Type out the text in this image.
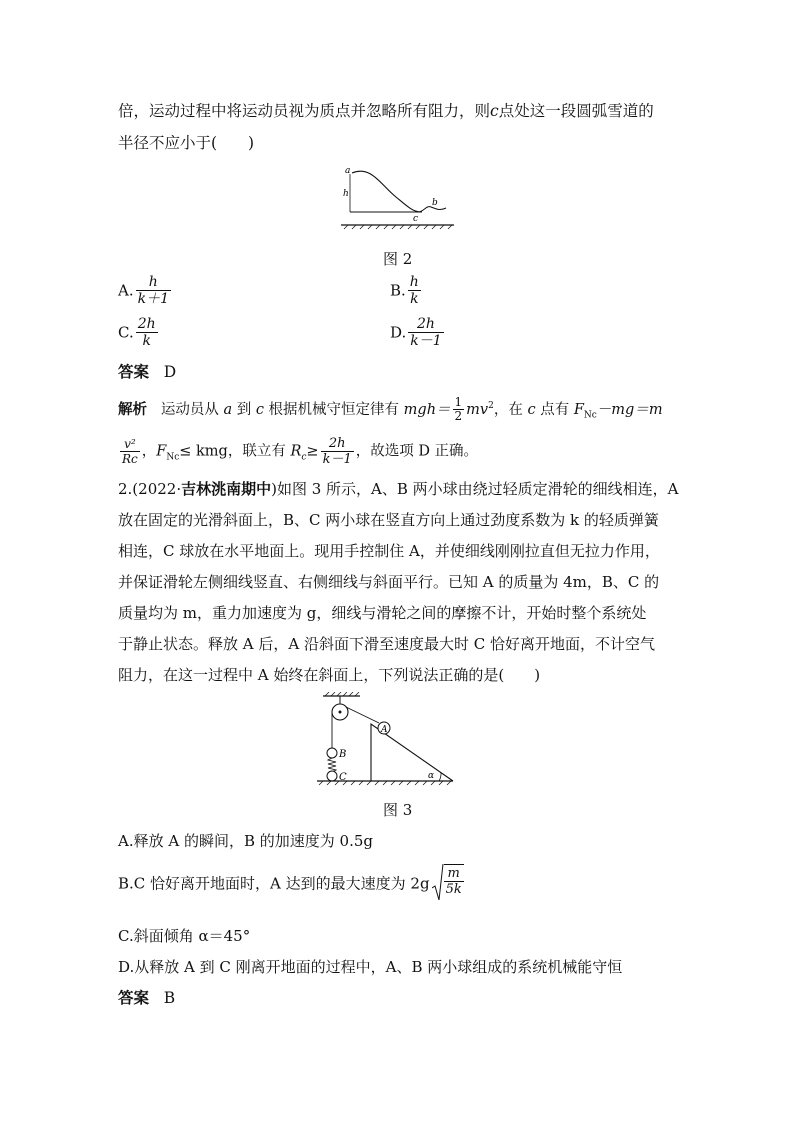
倍，运动过程中将运动员视为质点并忽略所有阻力，则c点处这一段圆弧雪道的
半径不应小于(　　)
a
h
c
b
图 2
A. $\frac{h}{k+1}$	B. $\frac{h}{k}$
C. $\frac{2h}{k}$	D. $\frac{2h}{k-1}$
答案 D
解析 运动员从 a 到 c 根据机械守恒定律有 $mgh= \frac{1}{2} mv^2$，在 c 点有 $F_{Nc}-mg=m$
$\frac{\text{v²}}{Rc}$ ，$F_{Nc}\le$ kmg，联立有 $R_c\ge \frac{2h}{k-1}$ ，故选项 D 正确。
2.(2022·吉林洮南期中)如图 3 所示，A、B 两小球由绕过轻质定滑轮的细线相连，A
放在固定的光滑斜面上，B、C 两小球在竖直方向上通过劲度系数为 k 的轻质弹簧
相连，C 球放在水平地面上。现用手控制住 A，并使细线刚刚拉直但无拉力作用，
并保证滑轮左侧细线竖直、右侧细线与斜面平行。已知 A 的质量为 4m，B、C 的
质量均为 m，重力加速度为 g，细线与滑轮之间的摩擦不计，开始时整个系统处
于静止状态。释放 A 后，A 沿斜面下滑至速度最大时 C 恰好离开地面，不计空气
阻力，在这一过程中 A 始终在斜面上，下列说法正确的是(　　)
A
B
C	α
图 3
A.释放 A 的瞬间，B 的加速度为 0.5g
B.C 恰好离开地面时，A 达到的最大速度为 $2g \frac{m}{5k}$
C.斜面倾角 α＝45°
D.从释放 A 到 C 刚离开地面的过程中，A、B 两小球组成的系统机械能守恒
答案 B
